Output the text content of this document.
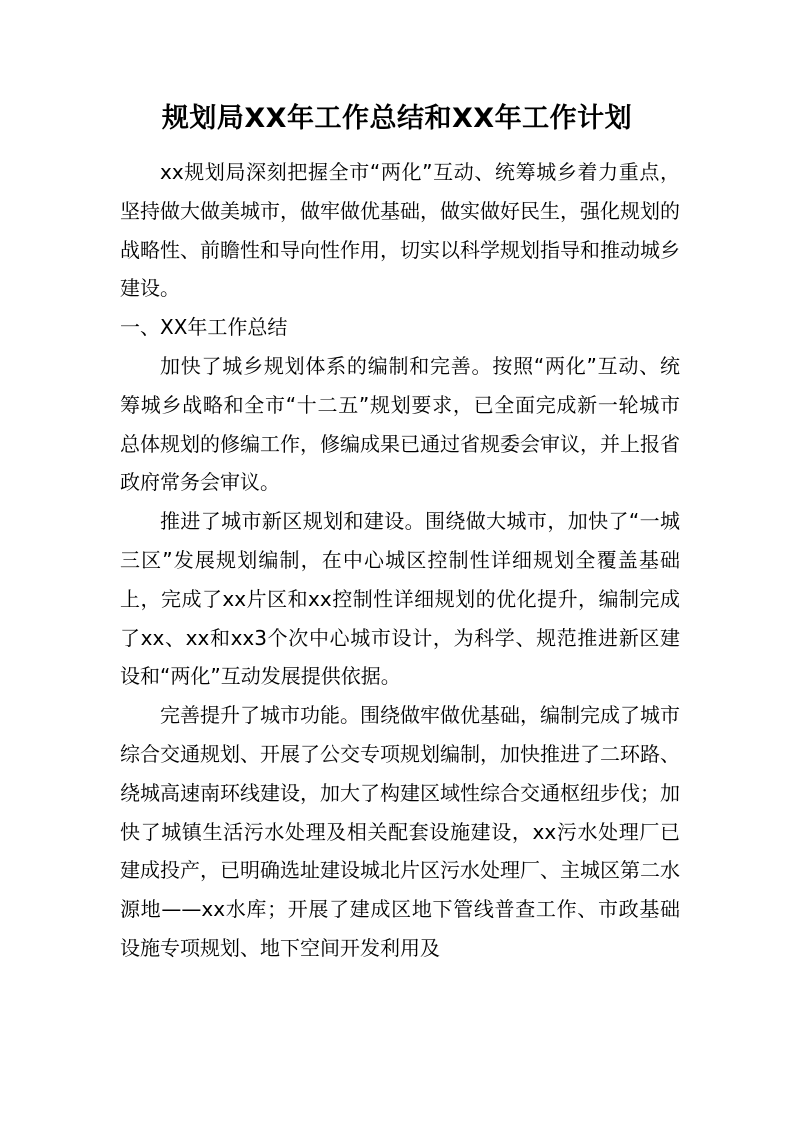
规划局XX年工作总结和XX年工作计划

xx规划局深刻把握全市“两化”互动、统筹城乡着力重点，坚持做大做美城市，做牢做优基础，做实做好民生，强化规划的战略性、前瞻性和导向性作用，切实以科学规划指导和推动城乡建设。

一、XX年工作总结

加快了城乡规划体系的编制和完善。按照“两化”互动、统筹城乡战略和全市“十二五”规划要求，已全面完成新一轮城市总体规划的修编工作，修编成果已通过省规委会审议，并上报省政府常务会审议。

推进了城市新区规划和建设。围绕做大城市，加快了“一城三区”发展规划编制，在中心城区控制性详细规划全覆盖基础上，完成了xx片区和xx控制性详细规划的优化提升，编制完成了xx、xx和xx3个次中心城市设计，为科学、规范推进新区建设和“两化”互动发展提供依据。

完善提升了城市功能。围绕做牢做优基础，编制完成了城市综合交通规划、开展了公交专项规划编制，加快推进了二环路、绕城高速南环线建设，加大了构建区域性综合交通枢纽步伐；加快了城镇生活污水处理及相关配套设施建设，xx污水处理厂已建成投产，已明确选址建设城北片区污水处理厂、主城区第二水源地——xx水库；开展了建成区地下管线普查工作、市政基础设施专项规划、地下空间开发利用及
